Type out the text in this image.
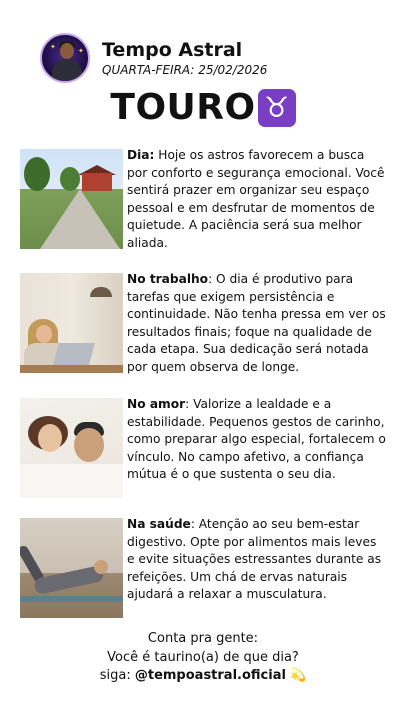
✦	✦ Tempo Astral
QUARTA-FEIRA: 25/02/2026
TOURO ♉
Dia: Hoje os astros favorecem a busca por conforto e segurança emocional. Você sentirá prazer em organizar seu espaço pessoal e em desfrutar de momentos de quietude. A paciência será sua melhor aliada.
No trabalho: O dia é produtivo para tarefas que exigem persistência e continuidade. Não tenha pressa em ver os resultados finais; foque na qualidade de cada etapa. Sua dedicação será notada por quem observa de longe.
No amor: Valorize a lealdade e a estabilidade. Pequenos gestos de carinho, como preparar algo especial, fortalecem o vínculo. No campo afetivo, a confiança mútua é o que sustenta o seu dia.
Na saúde: Atenção ao seu bem-estar digestivo. Opte por alimentos mais leves e evite situações estressantes durante as refeições. Um chá de ervas naturais ajudará a relaxar a musculatura.
Conta pra gente:
Você é taurino(a) de que dia?
siga: @tempoastral.oficial 💫
